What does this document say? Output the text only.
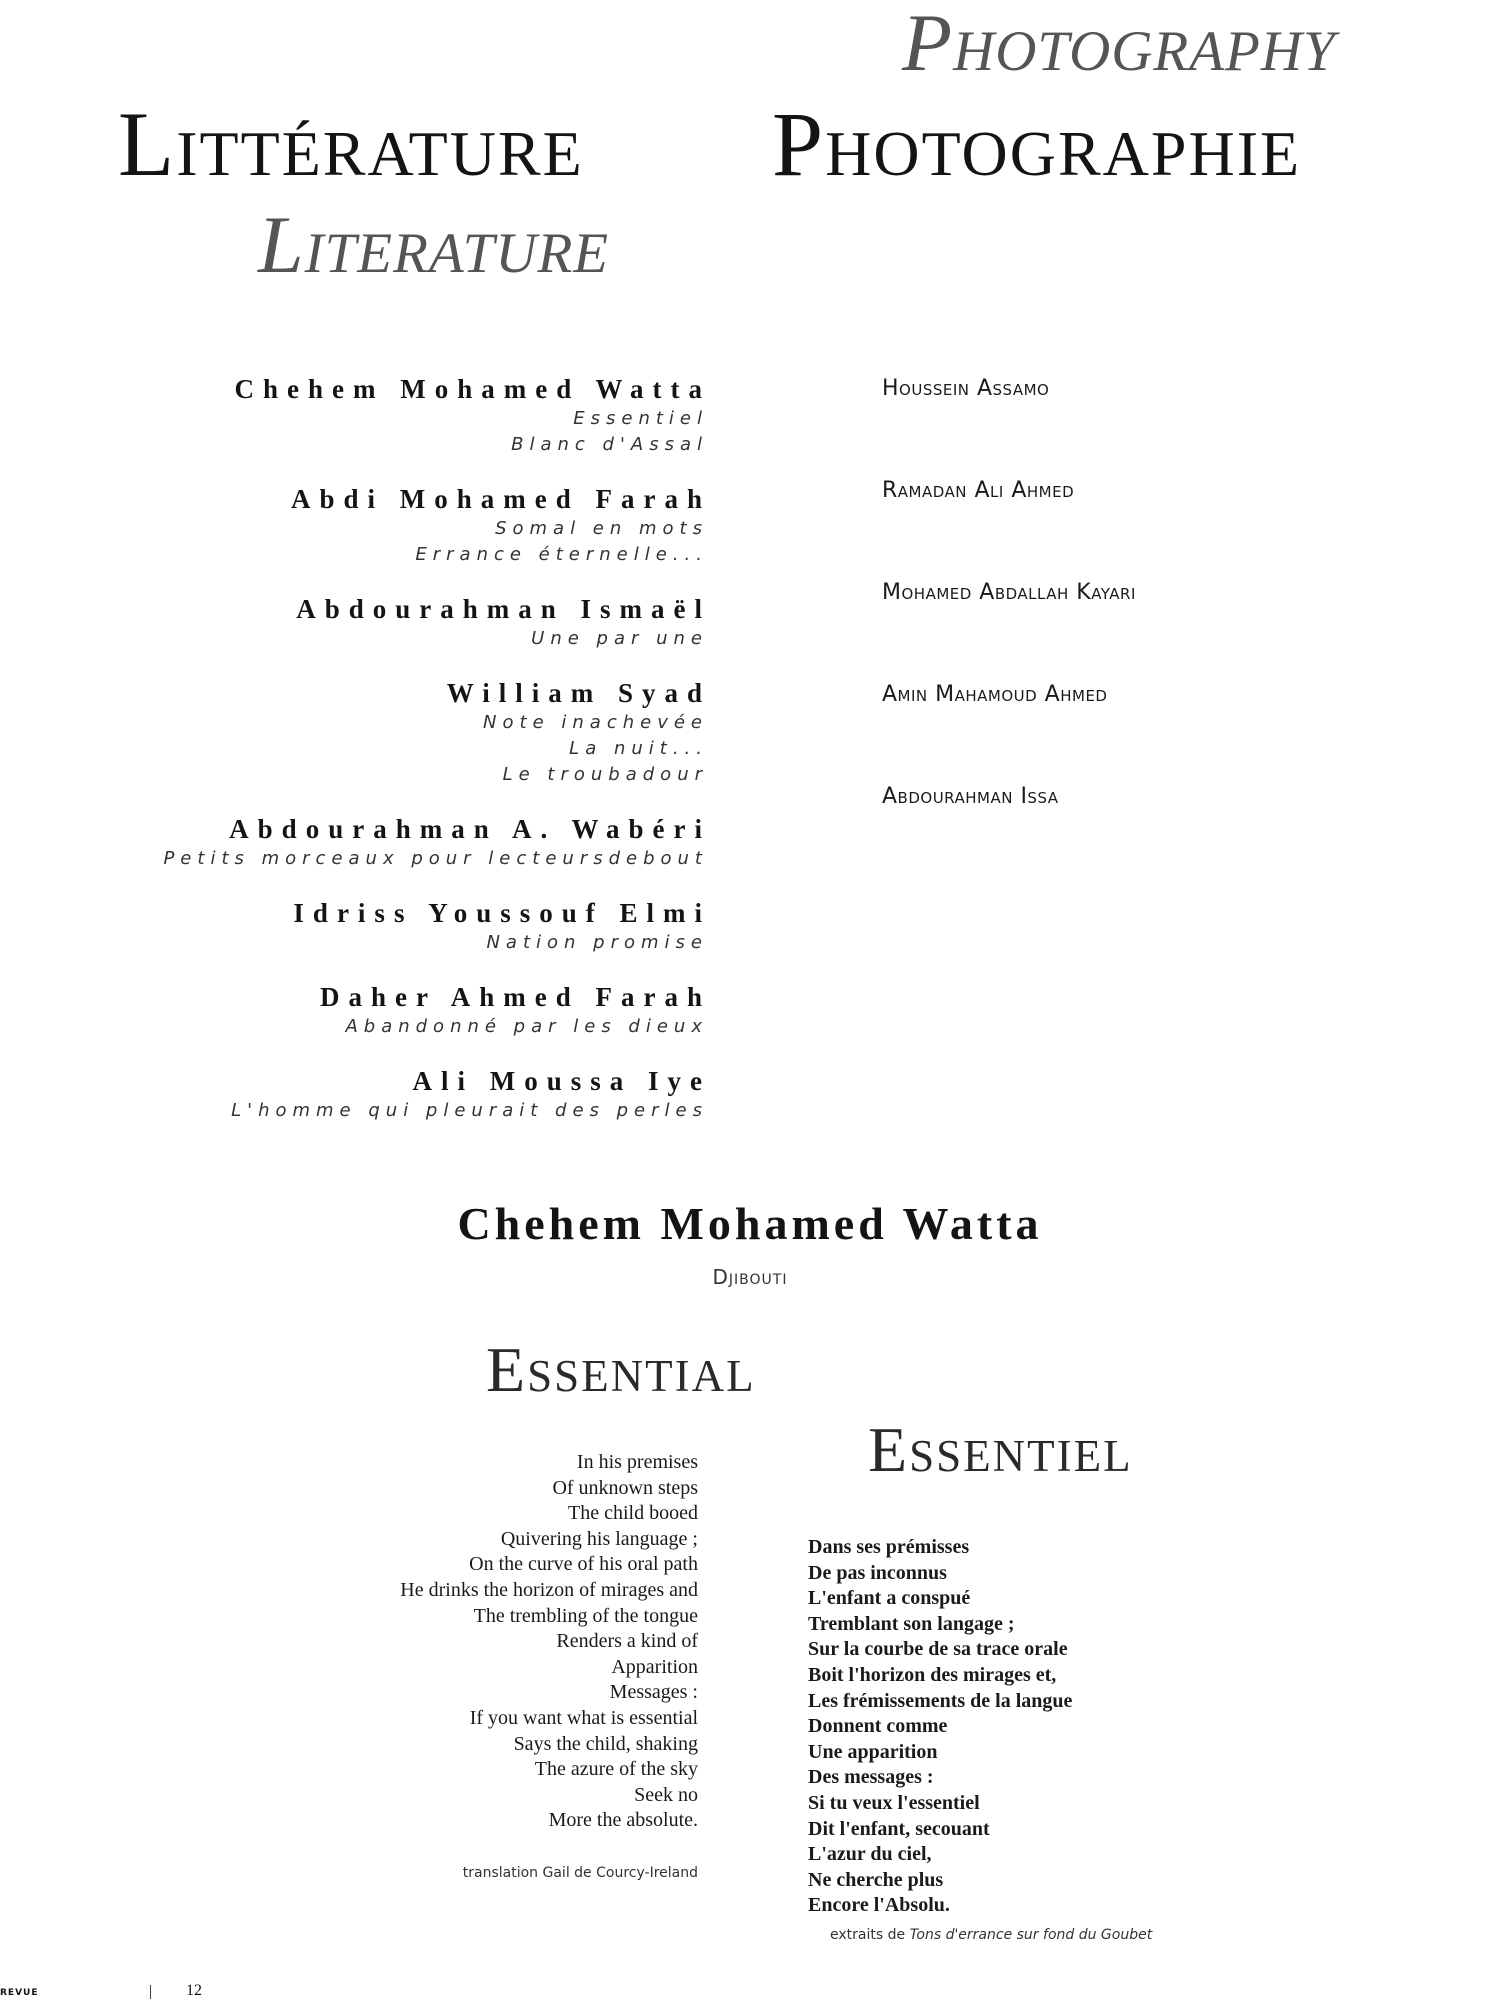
Photography
Littérature Photographie
Literature
Chehem Mohamed Watta
Essentiel
Blanc d'Assal
Abdi Mohamed Farah
Somal en mots
Errance éternelle...
Abdourahman Ismaël
Une par une
William Syad
Note inachevée
La nuit...
Le troubadour
Abdourahman A. Wabéri
Petits morceaux pour lecteursdebout
Idriss Youssouf Elmi
Nation promise
Daher Ahmed Farah
Abandonné par les dieux
Ali Moussa Iye
L'homme qui pleurait des perles
Houssein Assamo
Ramadan Ali Ahmed
Mohamed Abdallah Kayari
Amin Mahamoud Ahmed
Abdourahman Issa
Chehem Mohamed Watta
Djibouti
Essential
Essentiel
In his premises
Of unknown steps
The child booed
Quivering his language ;
On the curve of his oral path
He drinks the horizon of mirages and
The trembling of the tongue
Renders a kind of
Apparition
Messages :
If you want what is essential
Says the child, shaking
The azure of the sky
Seek no
More the absolute.
Dans ses prémisses
De pas inconnus
L'enfant a conspué
Tremblant son langage ;
Sur la courbe de sa trace orale
Boit l'horizon des mirages et,
Les frémissements de la langue
Donnent comme
Une apparition
Des messages :
Si tu veux l'essentiel
Dit l'enfant, secouant
L'azur du ciel,
Ne cherche plus
Encore l'Absolu.
translation Gail de Courcy-Ireland
extraits de Tons d'errance sur fond du Goubet
REVUE	12
